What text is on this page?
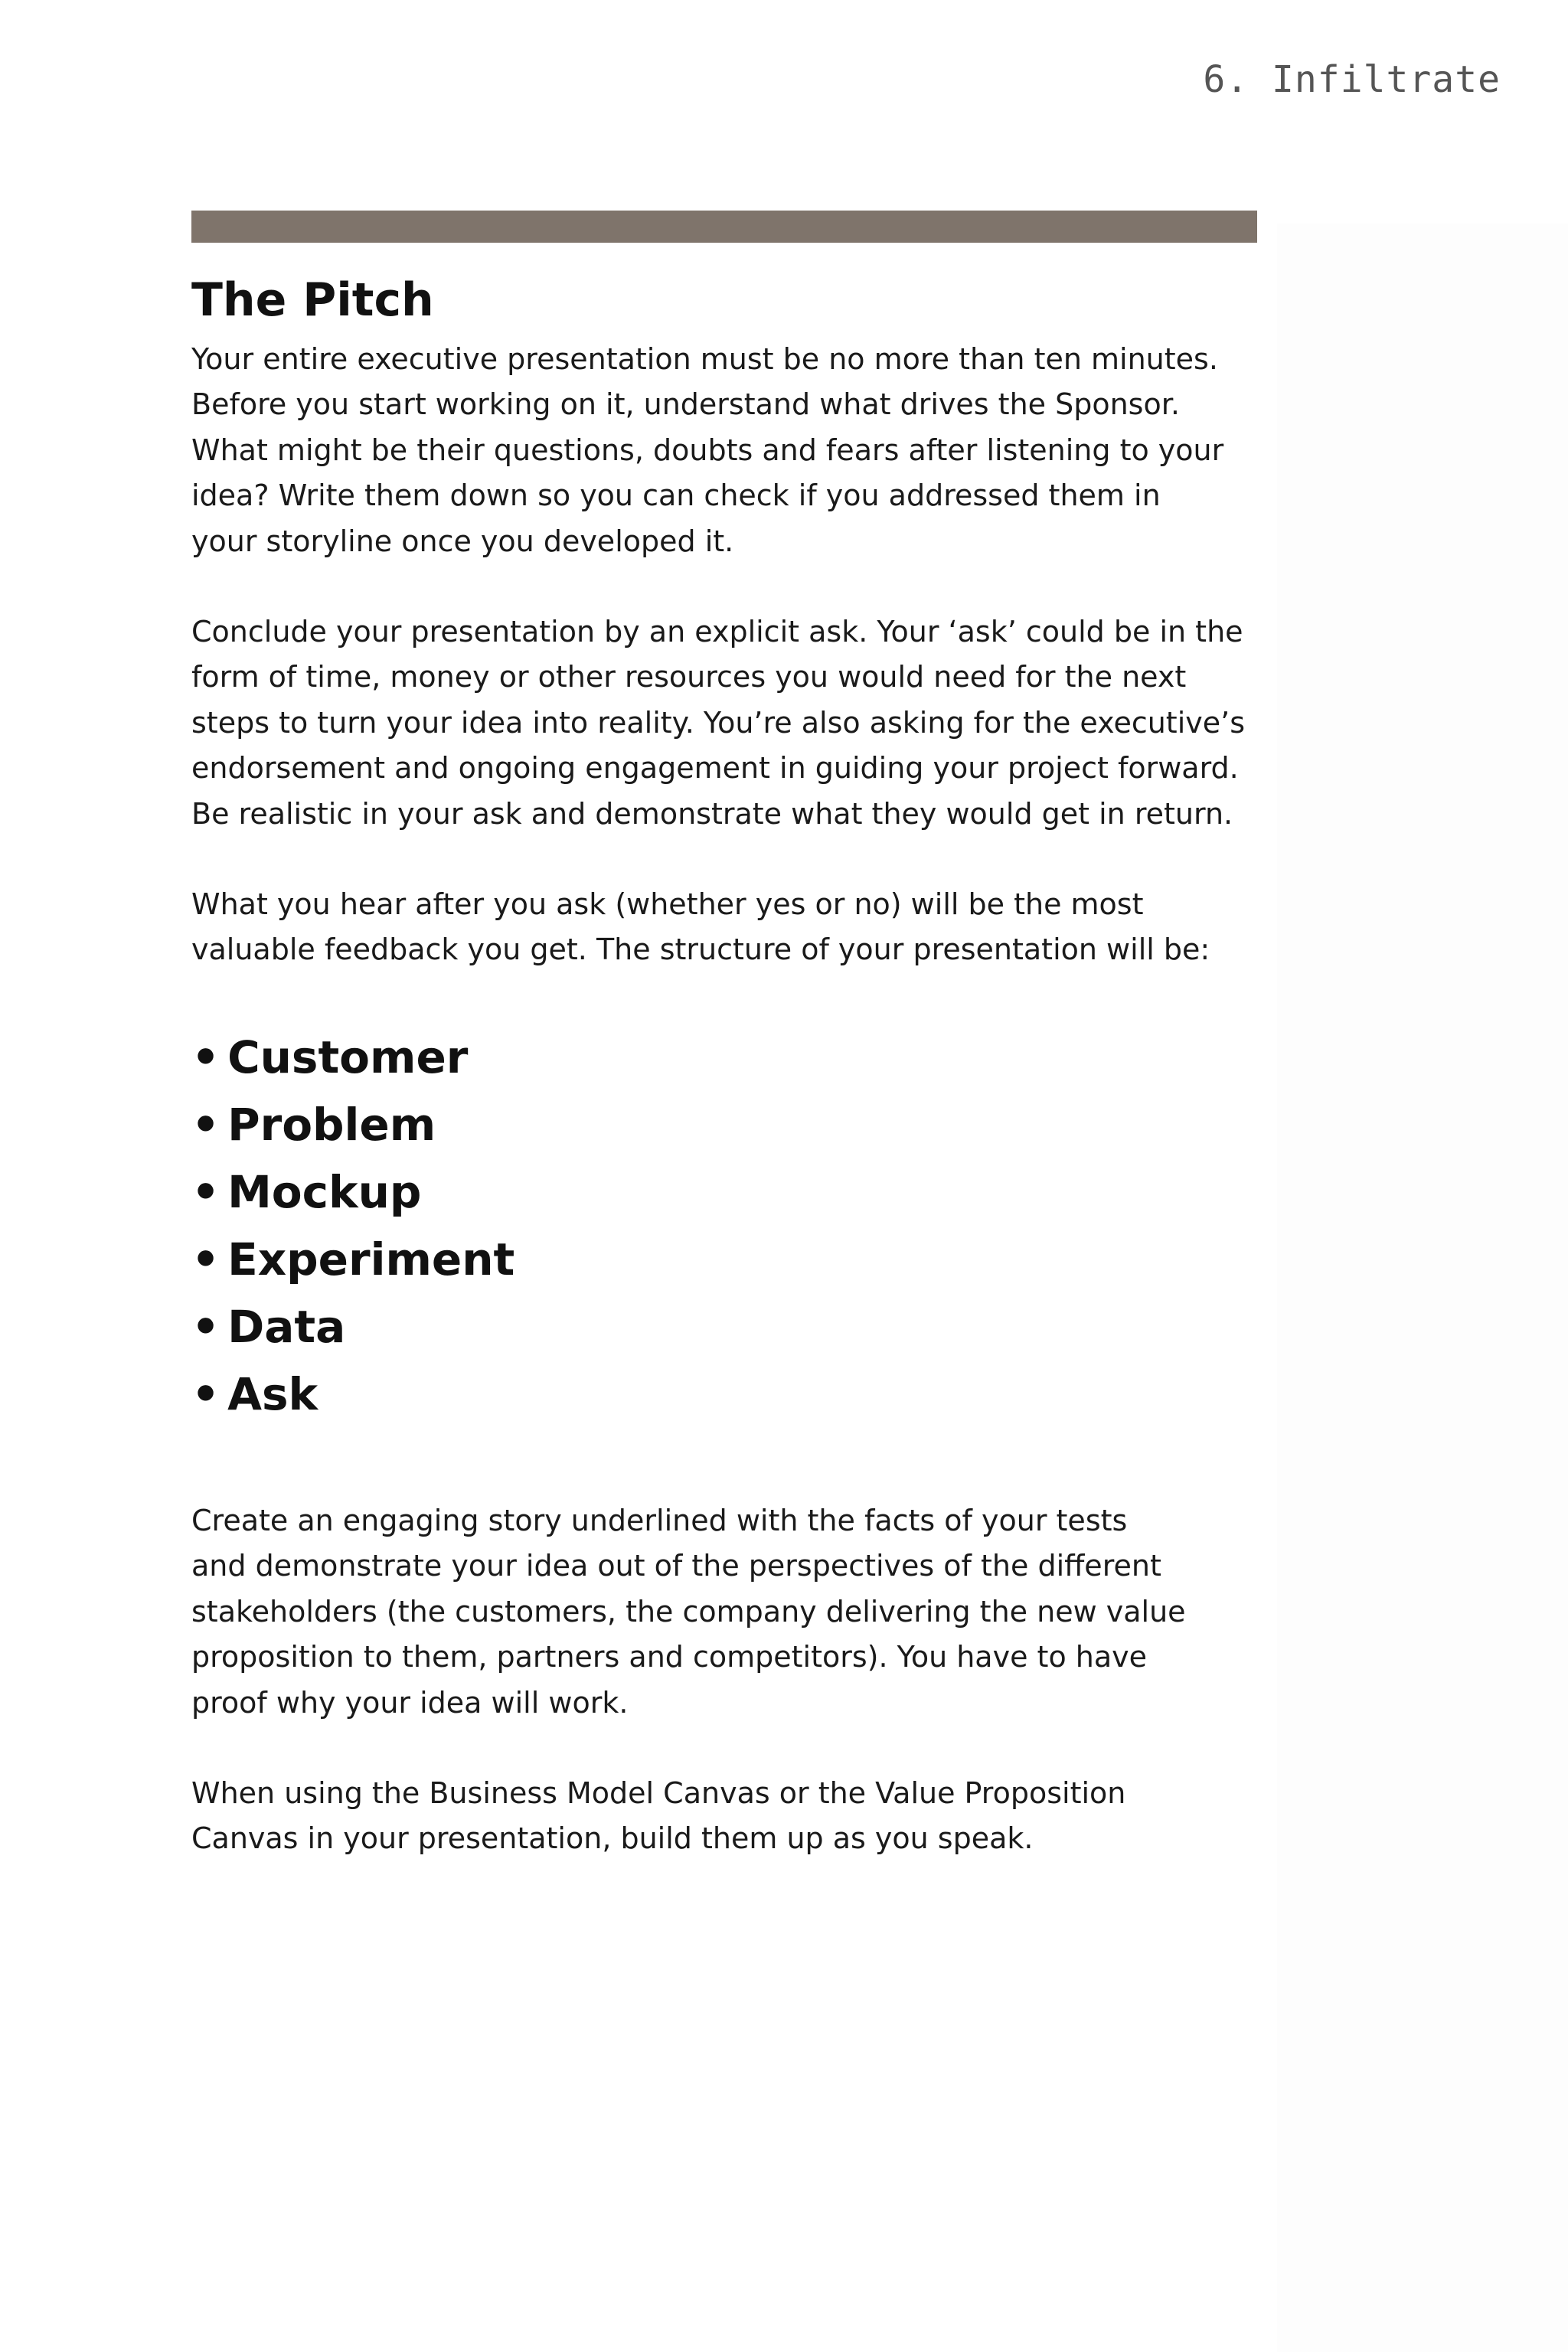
6. Infiltrate
The Pitch

Your entire executive presentation must be no more than ten minutes.
Before you start working on it, understand what drives the Sponsor.
What might be their questions, doubts and fears after listening to your
idea? Write them down so you can check if you addressed them in
your storyline once you developed it.

Conclude your presentation by an explicit ask. Your ‘ask’ could be in the
form of time, money or other resources you would need for the next
steps to turn your idea into reality. You’re also asking for the executive’s
endorsement and ongoing engagement in guiding your project forward.
Be realistic in your ask and demonstrate what they would get in return.

What you hear after you ask (whether yes or no) will be the most
valuable feedback you get. The structure of your presentation will be:

• Customer
• Problem
• Mockup
• Experiment
• Data
• Ask

Create an engaging story underlined with the facts of your tests
and demonstrate your idea out of the perspectives of the different
stakeholders (the customers, the company delivering the new value
proposition to them, partners and competitors). You have to have
proof why your idea will work.

When using the Business Model Canvas or the Value Proposition
Canvas in your presentation, build them up as you speak.
